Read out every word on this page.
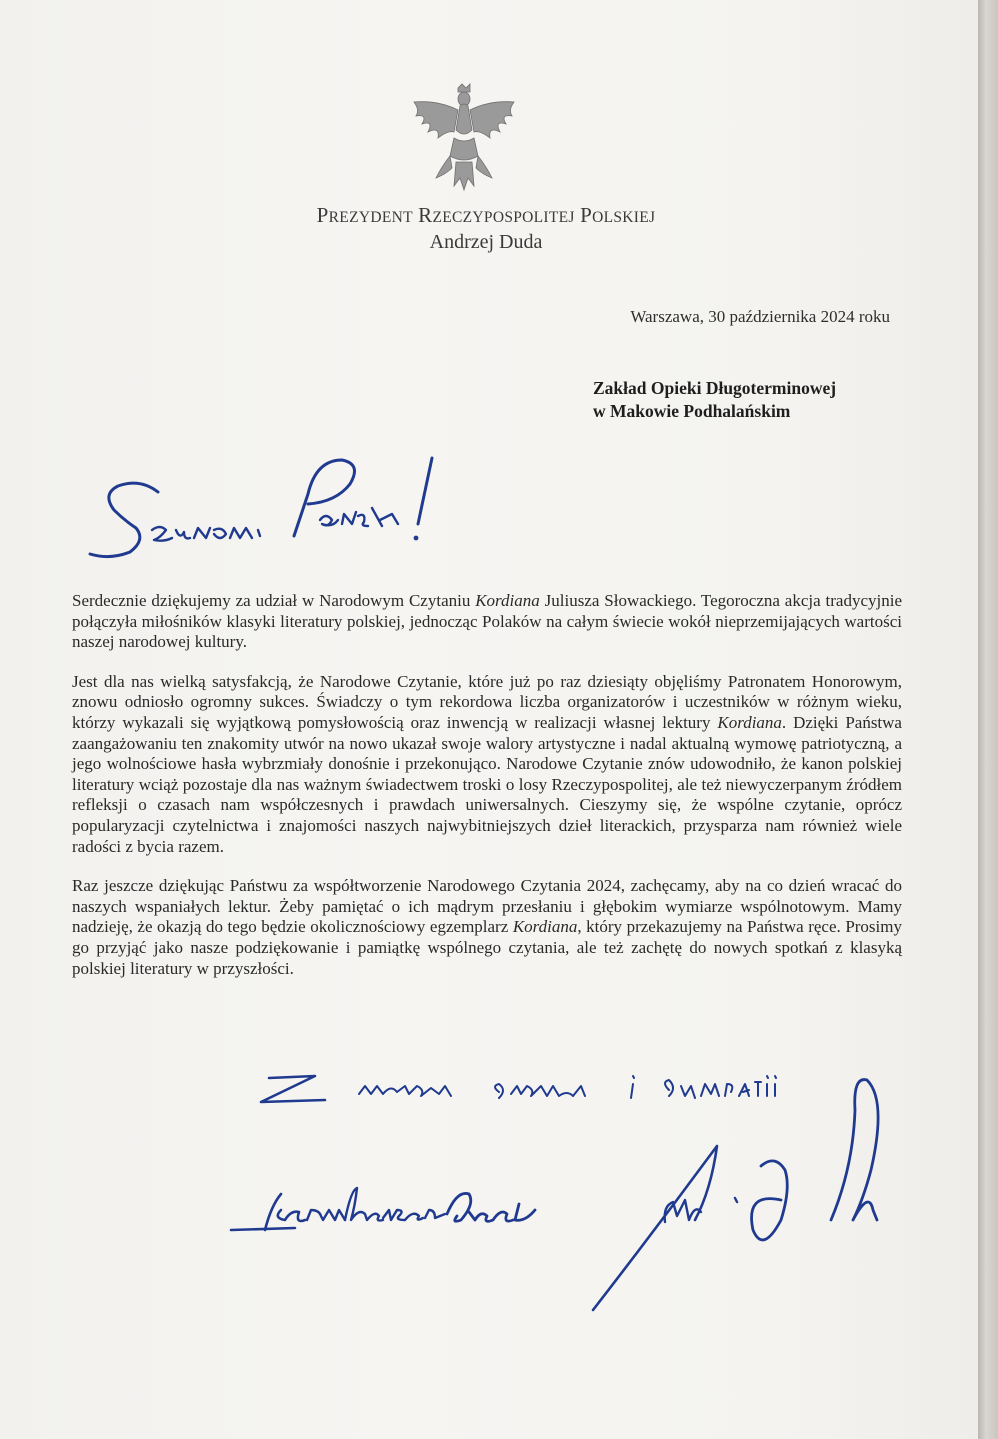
PREZYDENT RZECZYPOSPOLITEJ POLSKIEJ
Andrzej Duda
Warszawa, 30 października 2024 roku
Zakład Opieki Długoterminowej
w Makowie Podhalańskim

Serdecznie dziękujemy za udział w Narodowym Czytaniu Kordiana Juliusza Słowackiego. Tegoroczna akcja tradycyjnie połączyła miłośników klasyki literatury polskiej, jednocząc Polaków na całym świecie wokół nieprzemijających wartości naszej narodowej kultury.

Jest dla nas wielką satysfakcją, że Narodowe Czytanie, które już po raz dziesiąty objęliśmy Patronatem Honorowym, znowu odniosło ogromny sukces. Świadczy o tym rekordowa liczba organizatorów i uczestników w różnym wieku, którzy wykazali się wyjątkową pomysłowością oraz inwencją w realizacji własnej lektury Kordiana. Dzięki Państwa zaangażowaniu ten znakomity utwór na nowo ukazał swoje walory artystyczne i nadal aktualną wymowę patriotyczną, a jego wolnościowe hasła wybrzmiały donośnie i przekonująco. Narodowe Czytanie znów udowodniło, że kanon polskiej literatury wciąż pozostaje dla nas ważnym świadectwem troski o losy Rzeczypospolitej, ale też niewyczerpanym źródłem refleksji o czasach nam współczesnych i prawdach uniwersalnych. Cieszymy się, że wspólne czytanie, oprócz popularyzacji czytelnictwa i znajomości naszych najwybitniejszych dzieł literackich, przysparza nam również wiele radości z bycia razem.

Raz jeszcze dziękując Państwu za współtworzenie Narodowego Czytania 2024, zachęcamy, aby na co dzień wracać do naszych wspaniałych lektur. Żeby pamiętać o ich mądrym przesłaniu i głębokim wymiarze wspólnotowym. Mamy nadzieję, że okazją do tego będzie okolicznościowy egzemplarz Kordiana, który przekazujemy na Państwa ręce. Prosimy go przyjąć jako nasze podziękowanie i pamiątkę wspólnego czytania, ale też zachętę do nowych spotkań z klasyką polskiej literatury w przyszłości.
